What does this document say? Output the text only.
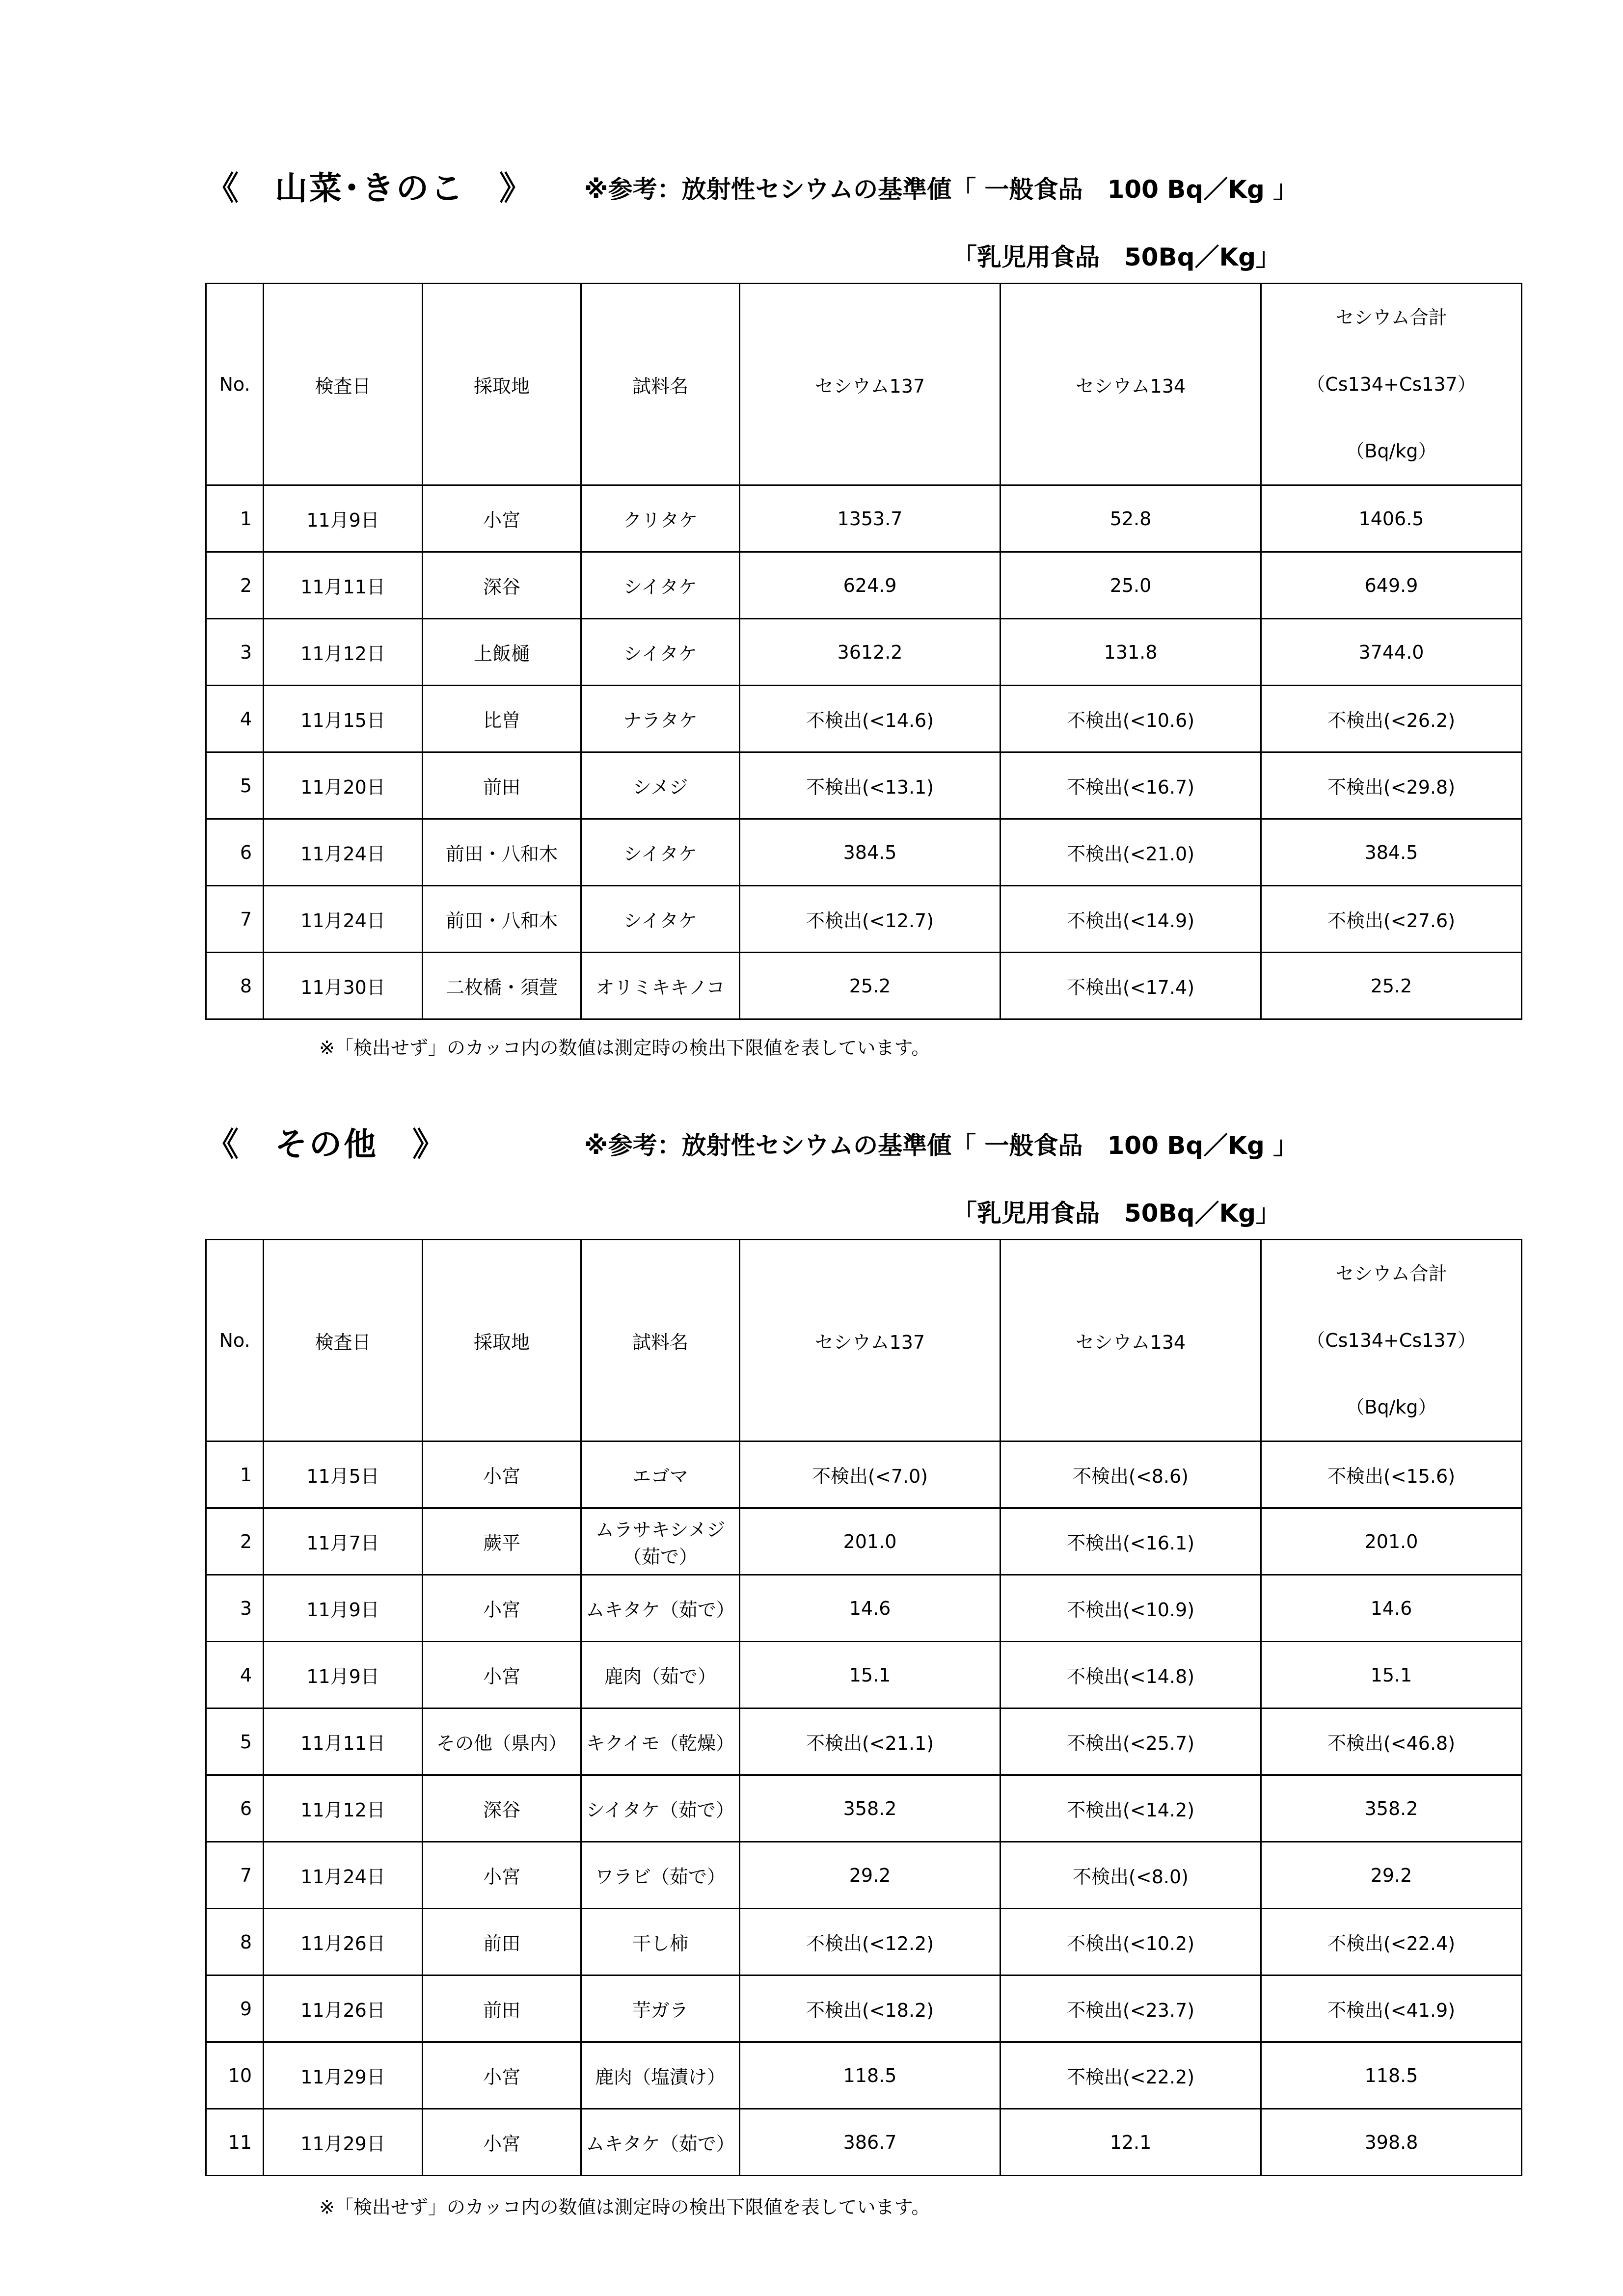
《　山菜･きのこ　》 ※参考：放射性セシウムの基準値「 一般食品　100 Bq／Kg 」
「乳児用食品　50Bq／Kg」
No.	検査日	採取地	試料名	セシウム137	セシウム134	セシウム合計
（Cs134+Cs137）
（Bq/kg）

1	11月9日	小宮	クリタケ	1353.7	52.8	1406.5
2	11月11日	深谷	シイタケ	624.9	25.0	649.9
3	11月12日	上飯樋	シイタケ	3612.2	131.8	3744.0
4	11月15日	比曽	ナラタケ	不検出(<14.6)	不検出(<10.6)	不検出(<26.2)
5	11月20日	前田	シメジ	不検出(<13.1)	不検出(<16.7)	不検出(<29.8)
6	11月24日	前田・八和木	シイタケ	384.5	不検出(<21.0)	384.5
7	11月24日	前田・八和木	シイタケ	不検出(<12.7)	不検出(<14.9)	不検出(<27.6)
8	11月30日	二枚橋・須萱	オリミキキノコ	25.2	不検出(<17.4)	25.2
※「検出せず」のカッコ内の数値は測定時の検出下限値を表しています。
《　その他　》	※参考：放射性セシウムの基準値「 一般食品　100 Bq／Kg 」
「乳児用食品　50Bq／Kg」
No.	検査日	採取地	試料名	セシウム137	セシウム134	セシウム合計
（Cs134+Cs137）
（Bq/kg）

1	11月5日	小宮	エゴマ	不検出(<7.0)	不検出(<8.6)	不検出(<15.6)
2	11月7日	蕨平	ムラサキシメジ（茹で）	201.0	不検出(<16.1)	201.0
3	11月9日	小宮	ムキタケ（茹で）	14.6	不検出(<10.9)	14.6
4	11月9日	小宮	鹿肉（茹で）	15.1	不検出(<14.8)	15.1
5	11月11日	その他（県内）	キクイモ（乾燥）	不検出(<21.1)	不検出(<25.7)	不検出(<46.8)
6	11月12日	深谷	シイタケ（茹で）	358.2	不検出(<14.2)	358.2
7	11月24日	小宮	ワラビ（茹で）	29.2	不検出(<8.0)	29.2
8	11月26日	前田	干し柿	不検出(<12.2)	不検出(<10.2)	不検出(<22.4)
9	11月26日	前田	芋ガラ	不検出(<18.2)	不検出(<23.7)	不検出(<41.9)
10	11月29日	小宮	鹿肉（塩漬け）	118.5	不検出(<22.2)	118.5
11	11月29日	小宮	ムキタケ（茹で）	386.7	12.1	398.8
※「検出せず」のカッコ内の数値は測定時の検出下限値を表しています。
